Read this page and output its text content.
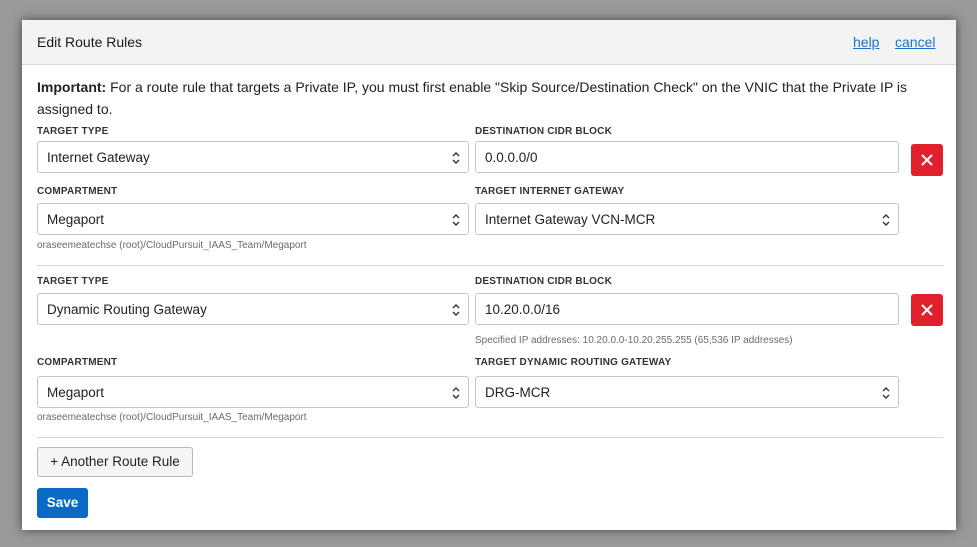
Edit Route Rules	help cancel
Important: For a route rule that targets a Private IP, you must first enable "Skip Source/Destination Check" on the VNIC that the Private IP is assigned to.
TARGET TYPE	DESTINATION CIDR BLOCK
Internet Gateway	0.0.0.0/0
COMPARTMENT	TARGET INTERNET GATEWAY
Megaport	Internet Gateway VCN-MCR
oraseemeatechse (root)/CloudPursuit_IAAS_Team/Megaport
TARGET TYPE	DESTINATION CIDR BLOCK
Dynamic Routing Gateway	10.20.0.0/16
Specified IP addresses: 10.20.0.0-10.20.255.255 (65,536 IP addresses)
COMPARTMENT	TARGET DYNAMIC ROUTING GATEWAY
Megaport	DRG-MCR
oraseemeatechse (root)/CloudPursuit_IAAS_Team/Megaport
+ Another Route Rule
Save
